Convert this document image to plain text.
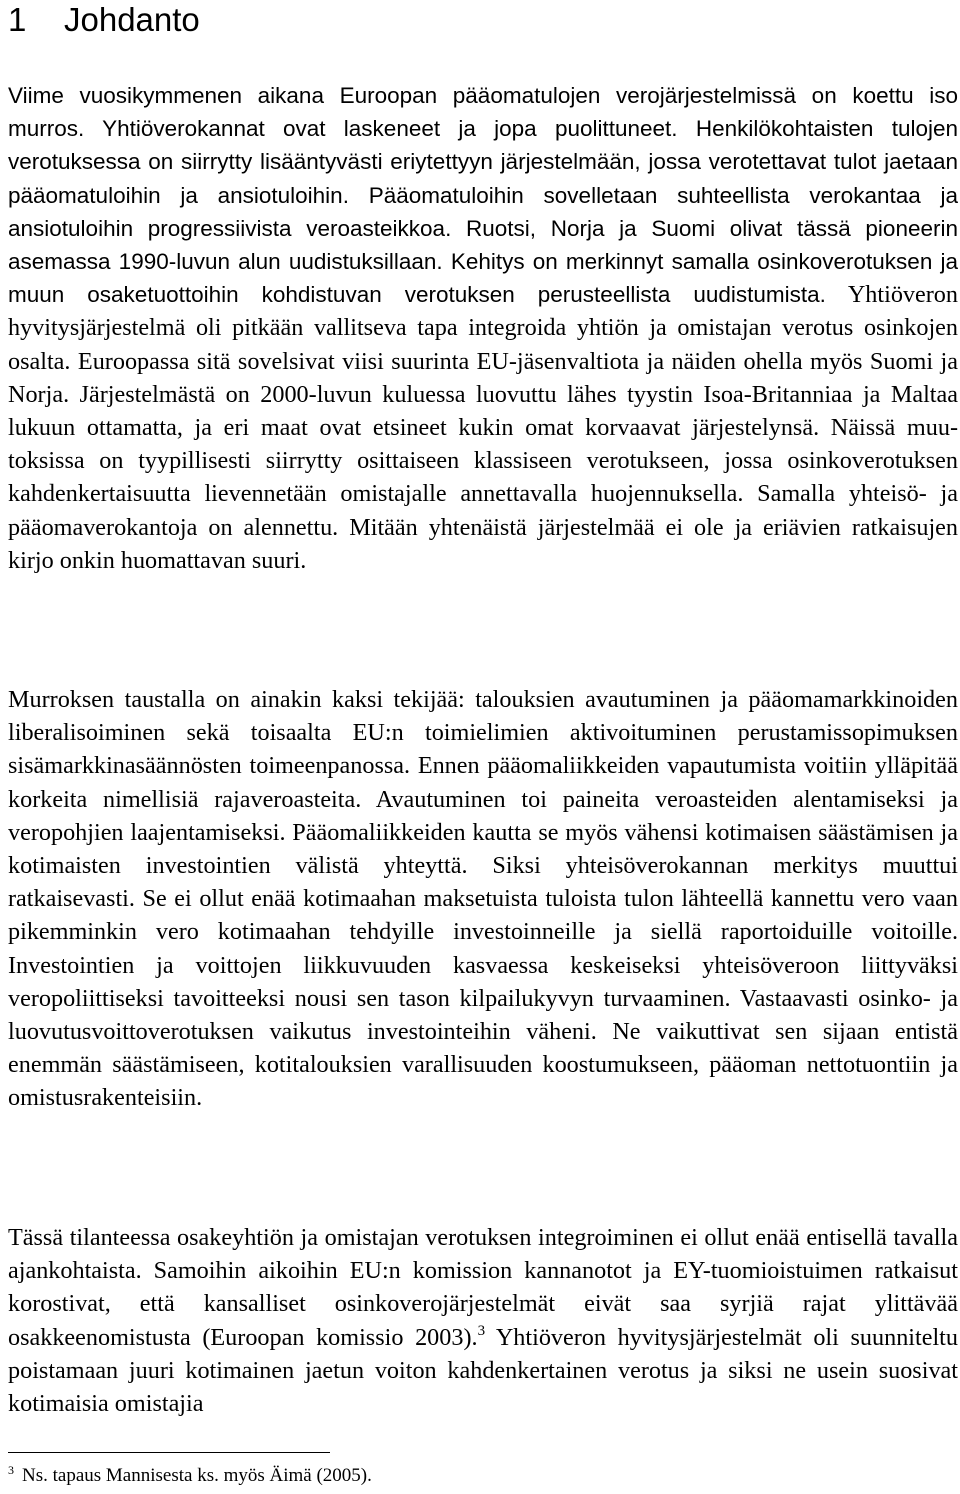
1	Johdanto

Viime vuosikymmenen aikana Euroopan pääomatulojen verojärjestelmissä on koettu iso murros. Yhtiöverokannat ovat laskeneet ja jopa puolittuneet. Henkilökohtaisten tulojen verotuksessa on siirrytty lisääntyvästi eriytettyyn järjestelmään, jossa verotettavat tulot jaetaan pääomatuloihin ja ansiotuloihin. Pääomatuloihin sovelletaan suhteellista verokantaa ja ansiotuloihin progressiivista veroasteikkoa. Ruotsi, Norja ja Suomi olivat tässä pioneerin asemassa 1990-luvun alun uudistuksillaan. Kehitys on merkinnyt samalla osinkoverotuksen ja muun osaketuottoihin kohdistuvan verotuksen perusteellista uudistumista. Yhtiöveron hyvitysjärjestelmä oli pitkään vallitseva tapa integroida yhtiön ja omistajan verotus osinkojen osalta. Euroopassa sitä sovelsivat viisi suurinta EU-jäsenvaltiota ja näiden ohella myös Suomi ja Norja. Järjestelmästä on 2000-luvun kuluessa luovuttu lähes tyystin Isoa-Britanniaa ja Maltaa lukuun ottamatta, ja eri maat ovat etsineet kukin omat korvaavat järjestelynsä. Näissä muutoksissa on tyypillisesti siirrytty osittaiseen klassiseen verotukseen, jossa osinkoverotuksen kahdenkertaisuutta lievennetään omistajalle annettavalla huojennuksella. Samalla yhteisö- ja pääomaverokantoja on alennettu. Mitään yhtenäistä järjestelmää ei ole ja eriävien ratkaisujen kirjo onkin huomattavan suuri.

Murroksen taustalla on ainakin kaksi tekijää: talouksien avautuminen ja pääomamarkkinoiden liberalisoiminen sekä toisaalta EU:n toimielimien aktivoituminen perustamissopimuksen sisämarkkinasäännösten toimeenpanossa. Ennen pääomaliikkeiden vapautumista voitiin ylläpitää korkeita nimellisiä rajaveroasteita. Avautuminen toi paineita veroasteiden alentamiseksi ja veropohjien laajentamiseksi. Pääomaliikkeiden kautta se myös vähensi kotimaisen säästämisen ja kotimaisten investointien välistä yhteyttä. Siksi yhteisöverokannan merkitys muuttui ratkaisevasti. Se ei ollut enää kotimaahan maksetuista tuloista tulon lähteellä kannettu vero vaan pikemminkin vero kotimaahan tehdyille investoinneille ja siellä raportoiduille voitoille. Investointien ja voittojen liikkuvuuden kasvaessa keskeiseksi yhteisöveroon liittyväksi veropoliittiseksi tavoitteeksi nousi sen tason kilpailukyvyn turvaaminen. Vastaavasti osinko- ja luovutusvoittoverotuksen vaikutus investointeihin väheni. Ne vaikuttivat sen sijaan entistä enemmän säästämiseen, kotitalouksien varallisuuden koostumukseen, pääoman nettotuontiin ja omistusrakenteisiin.

Tässä tilanteessa osakeyhtiön ja omistajan verotuksen integroiminen ei ollut enää entisellä tavalla ajankohtaista. Samoihin aikoihin EU:n komission kannanotot ja EY-tuomioistuimen ratkaisut korostivat, että kansalliset osinkoverojärjestelmät eivät saa syrjiä rajat ylittävää osakkeenomistusta (Euroopan komissio 2003).$^3$ Yhtiöveron hyvitysjärjestelmät oli suunniteltu poistamaan juuri kotimainen jaetun voiton kahdenkertainen verotus ja siksi ne usein suosivat kotimaisia omistajia

$^3$ Ns. tapaus Mannisesta ks. myös Äimä (2005).
